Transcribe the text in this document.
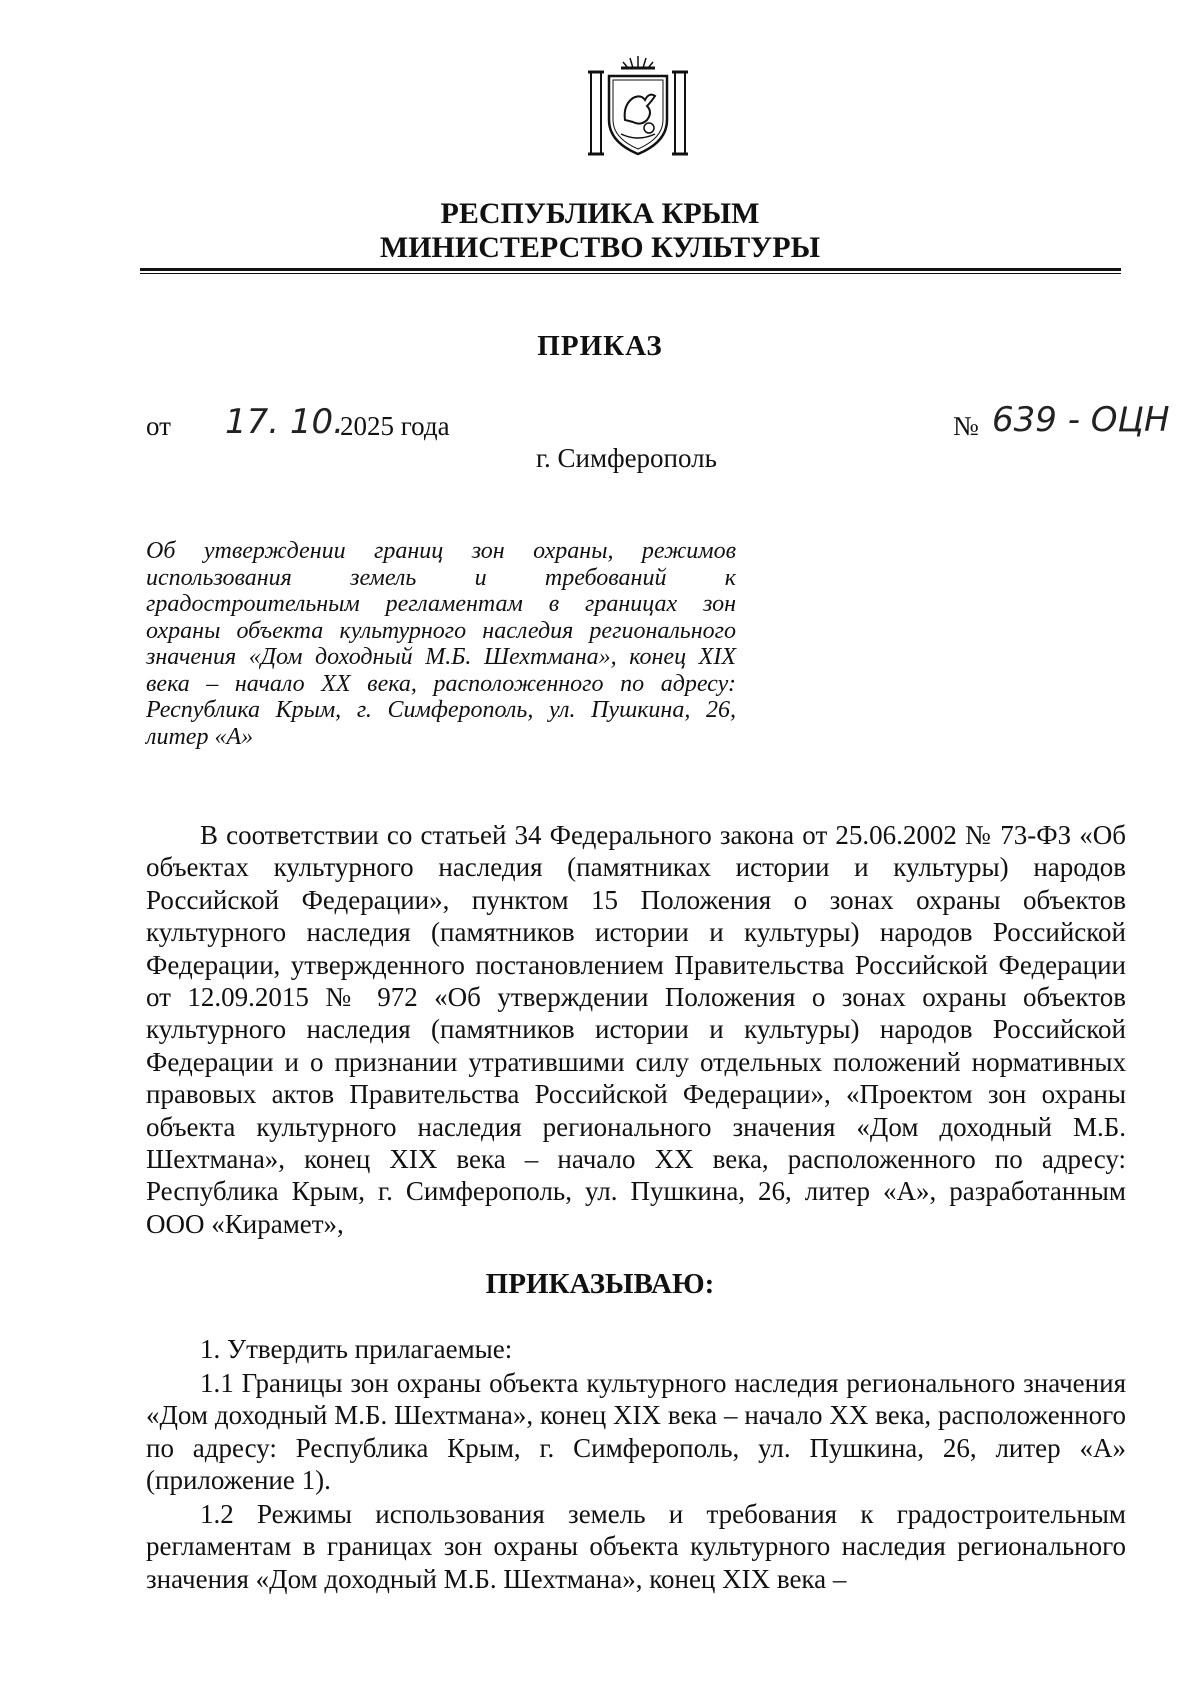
РЕСПУБЛИКА КРЫМ
МИНИСТЕРСТВО КУЛЬТУРЫ
ПРИКАЗ
от 17. 10.
2025 года	№ 639 - ОЦН
г. Симферополь
Об утверждении границ зон охраны, режимов использования земель и требований к градостроительным регламентам в границах зон охраны объекта культурного наследия регионального значения «Дом доходный М.Б. Шехтмана», конец XIX века – начало XX века, расположенного по адресу: Республика Крым, г. Симферополь, ул. Пушкина, 26, литер «А»
В соответствии со статьей 34 Федерального закона от 25.06.2002 № 73-ФЗ «Об объектах культурного наследия (памятниках истории и культуры) народов Российской Федерации», пунктом 15 Положения о зонах охраны объектов культурного наследия (памятников истории и культуры) народов Российской Федерации, утвержденного постановлением Правительства Российской Федерации от 12.09.2015 № 972 «Об утверждении Положения о зонах охраны объектов культурного наследия (памятников истории и культуры) народов Российской Федерации и о признании утратившими силу отдельных положений нормативных правовых актов Правительства Российской Федерации», «Проектом зон охраны объекта культурного наследия регионального значения «Дом доходный М.Б. Шехтмана», конец XIX века – начало XX века, расположенного по адресу: Республика Крым, г. Симферополь, ул. Пушкина, 26, литер «А», разработанным ООО «Кирамет»,
ПРИКАЗЫВАЮ:
1. Утвердить прилагаемые:
1.1 Границы зон охраны объекта культурного наследия регионального значения «Дом доходный М.Б. Шехтмана», конец XIX века – начало XX века, расположенного по адресу: Республика Крым, г. Симферополь, ул. Пушкина, 26, литер «А» (приложение 1).
1.2 Режимы использования земель и требования к градостроительным регламентам в границах зон охраны объекта культурного наследия регионального значения «Дом доходный М.Б. Шехтмана», конец XIX века –
